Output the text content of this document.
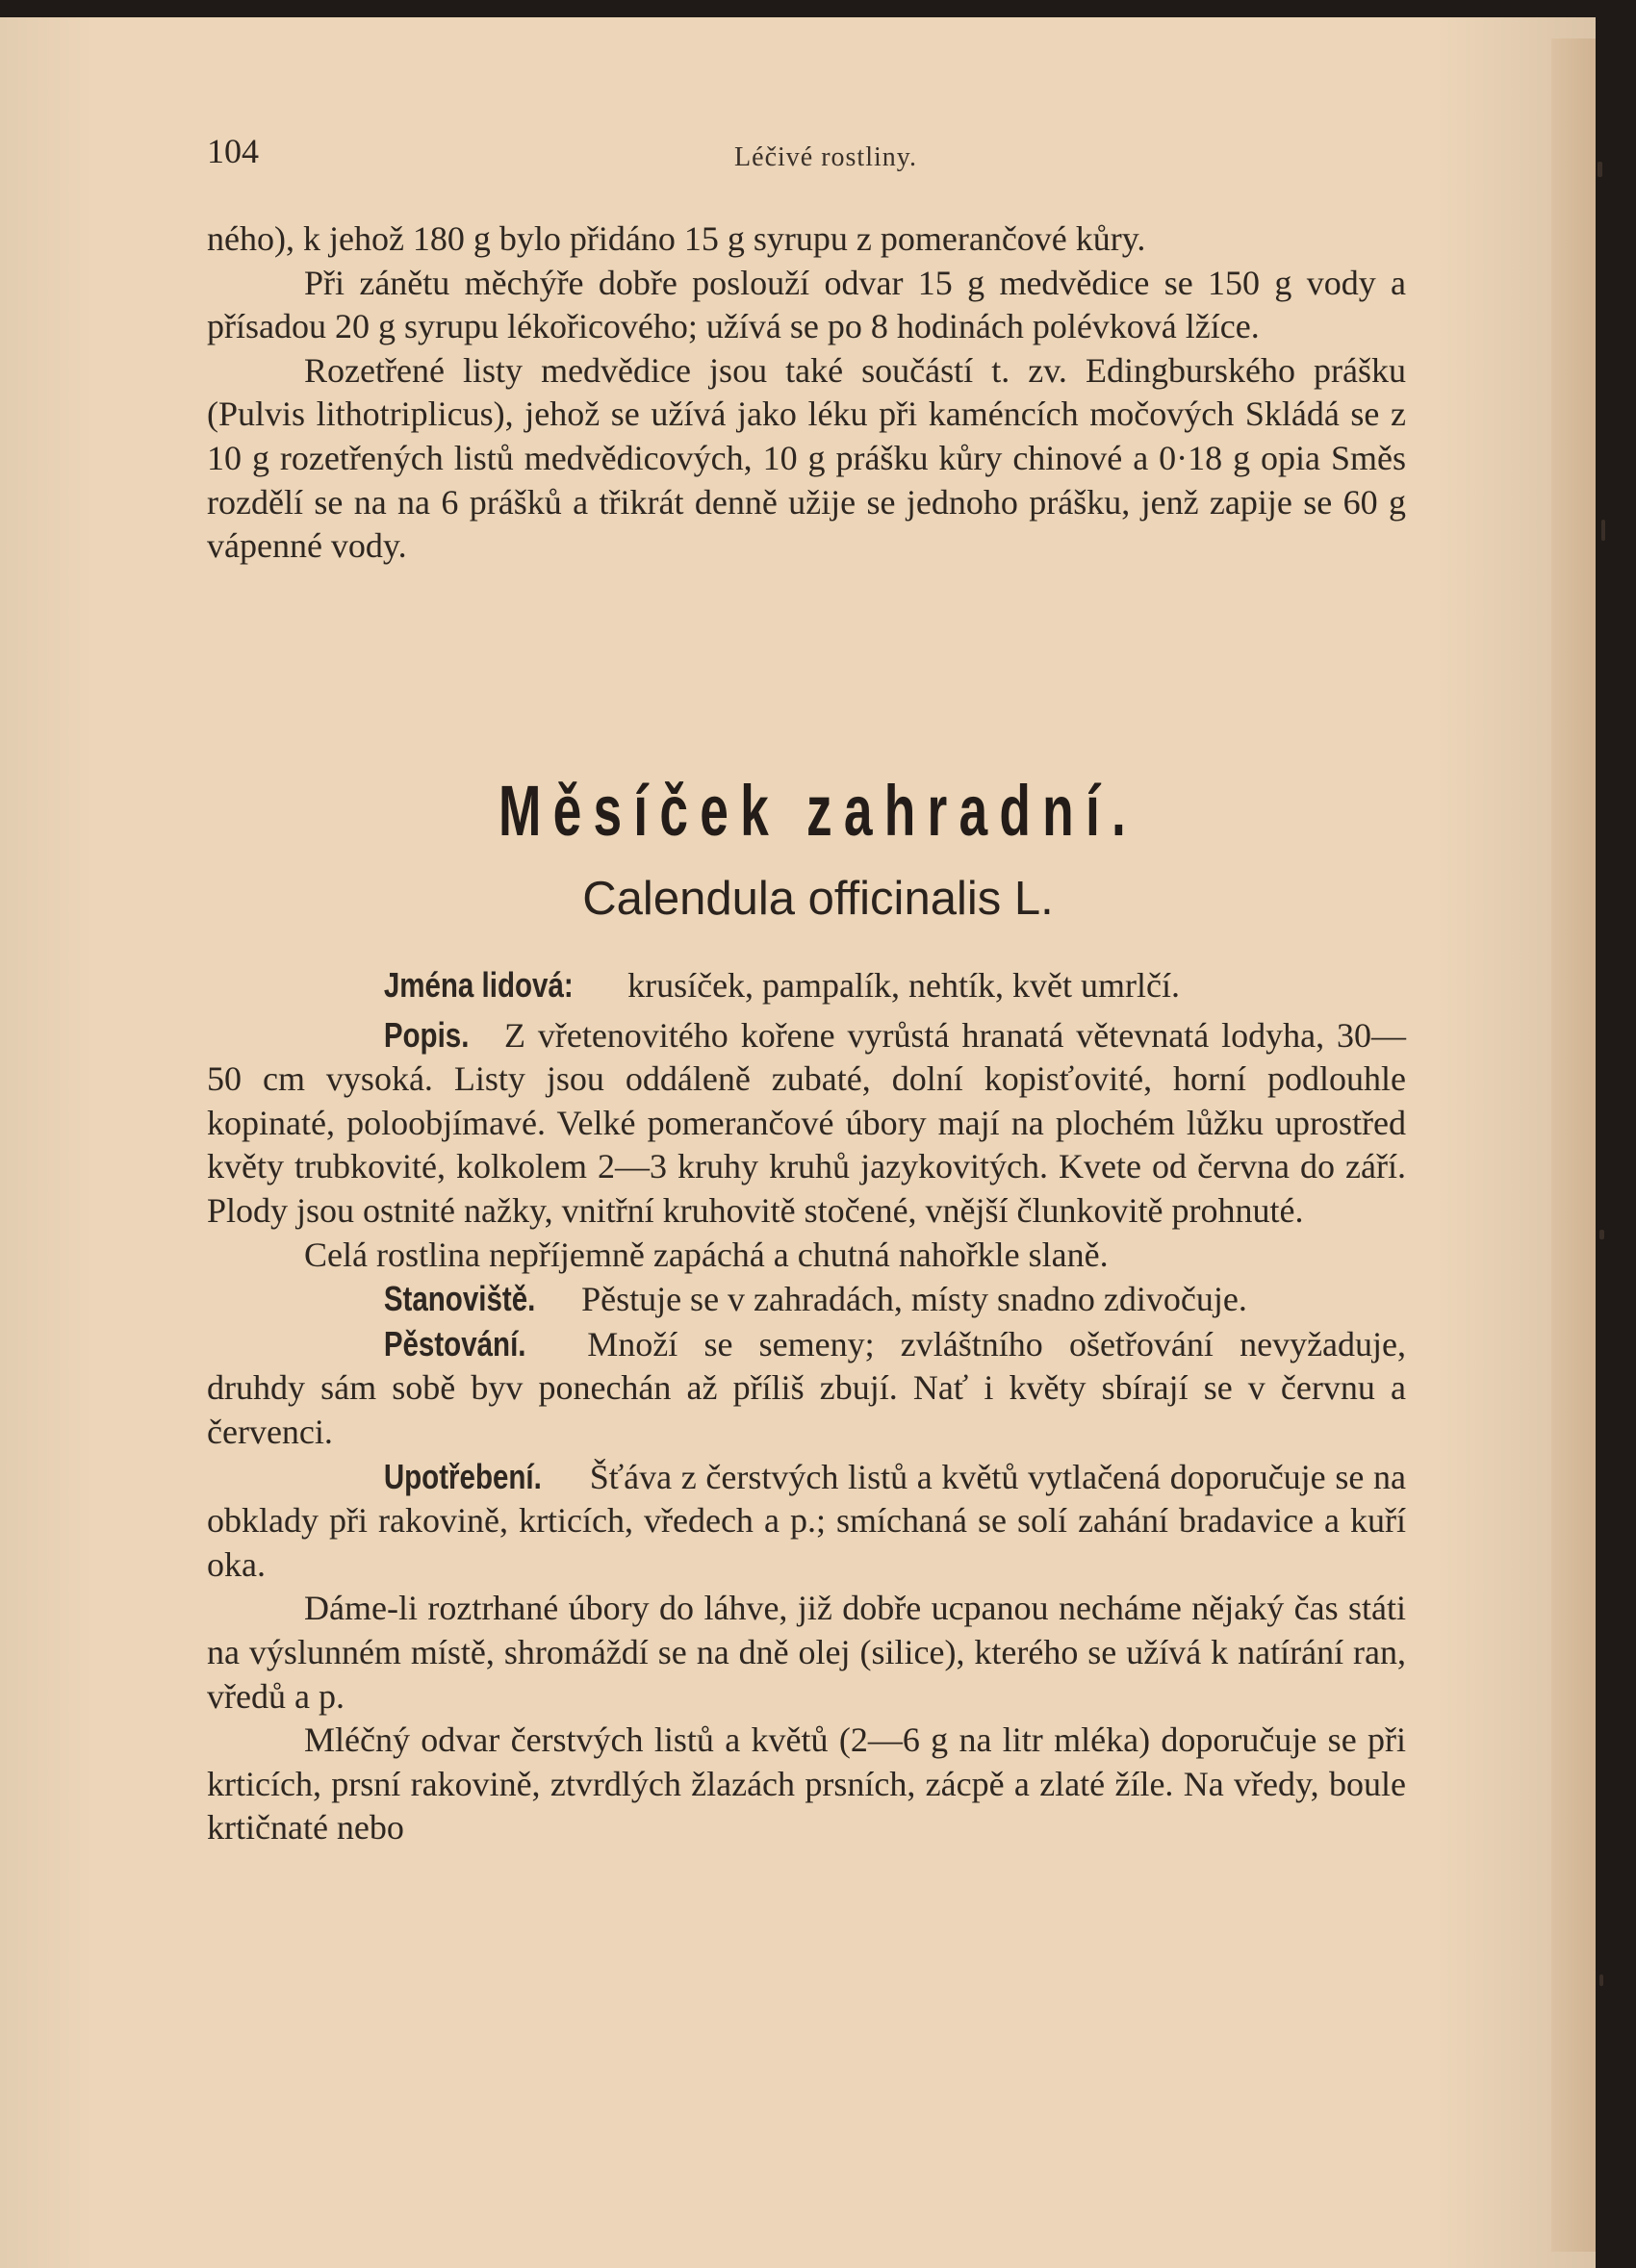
104	Léčivé rostliny.

ného), k jehož 180 g bylo přidáno 15 g syrupu z pomerančové kůry.

Při zánětu měchýře dobře poslouží odvar 15 g medvědice se 150 g vody a přísadou 20 g syrupu lékořicového; užívá se po 8 hodinách polévková lžíce.

Rozetřené listy medvědice jsou také součástí t. zv. Edingburského prášku (Pulvis lithotriplicus), jehož se užívá jako léku při kaméncích močových Skládá se z 10 g rozetřených listů medvědicových, 10 g prášku kůry chinové a 0·18 g opia Směs rozdělí se na na 6 prášků a třikrát denně užije se jednoho prášku, jenž zapije se 60 g vápenné vody.

Měsíček zahradní.
Calendula officinalis L.

Jména lidová: krusíček, pampalík, nehtík, květ umrlčí.

Popis. Z vřetenovitého kořene vyrůstá hranatá větevnatá lodyha, 30—50 cm vysoká. Listy jsou oddáleně zubaté, dolní kopisťovité, horní podlouhle kopinaté, poloobjímavé. Velké pomerančové úbory mají na plochém lůžku uprostřed květy trubkovité, kolkolem 2—3 kruhy kruhů jazykovitých. Kvete od června do září. Plody jsou ostnité nažky, vnitřní kruhovitě stočené, vnější člunkovitě prohnuté.

Celá rostlina nepříjemně zapáchá a chutná nahořkle slaně.

Stanoviště. Pěstuje se v zahradách, místy snadno zdivočuje.

Pěstování. Množí se semeny; zvláštního ošetřování nevyžaduje, druhdy sám sobě byv ponechán až příliš zbují. Nať i květy sbírají se v červnu a červenci.

Upotřebení. Šťáva z čerstvých listů a květů vytlačená doporučuje se na obklady při rakovině, krticích, vředech a p.; smíchaná se solí zahání bradavice a kuří oka.

Dáme-li roztrhané úbory do láhve, již dobře ucpanou necháme nějaký čas státi na výslunném místě, shromáždí se na dně olej (silice), kterého se užívá k natírání ran, vředů a p.

Mléčný odvar čerstvých listů a květů (2—6 g na litr mléka) doporučuje se při krticích, prsní rakovině, ztvrdlých žlazách prsních, zácpě a zlaté žíle. Na vředy, boule krtičnaté nebo
